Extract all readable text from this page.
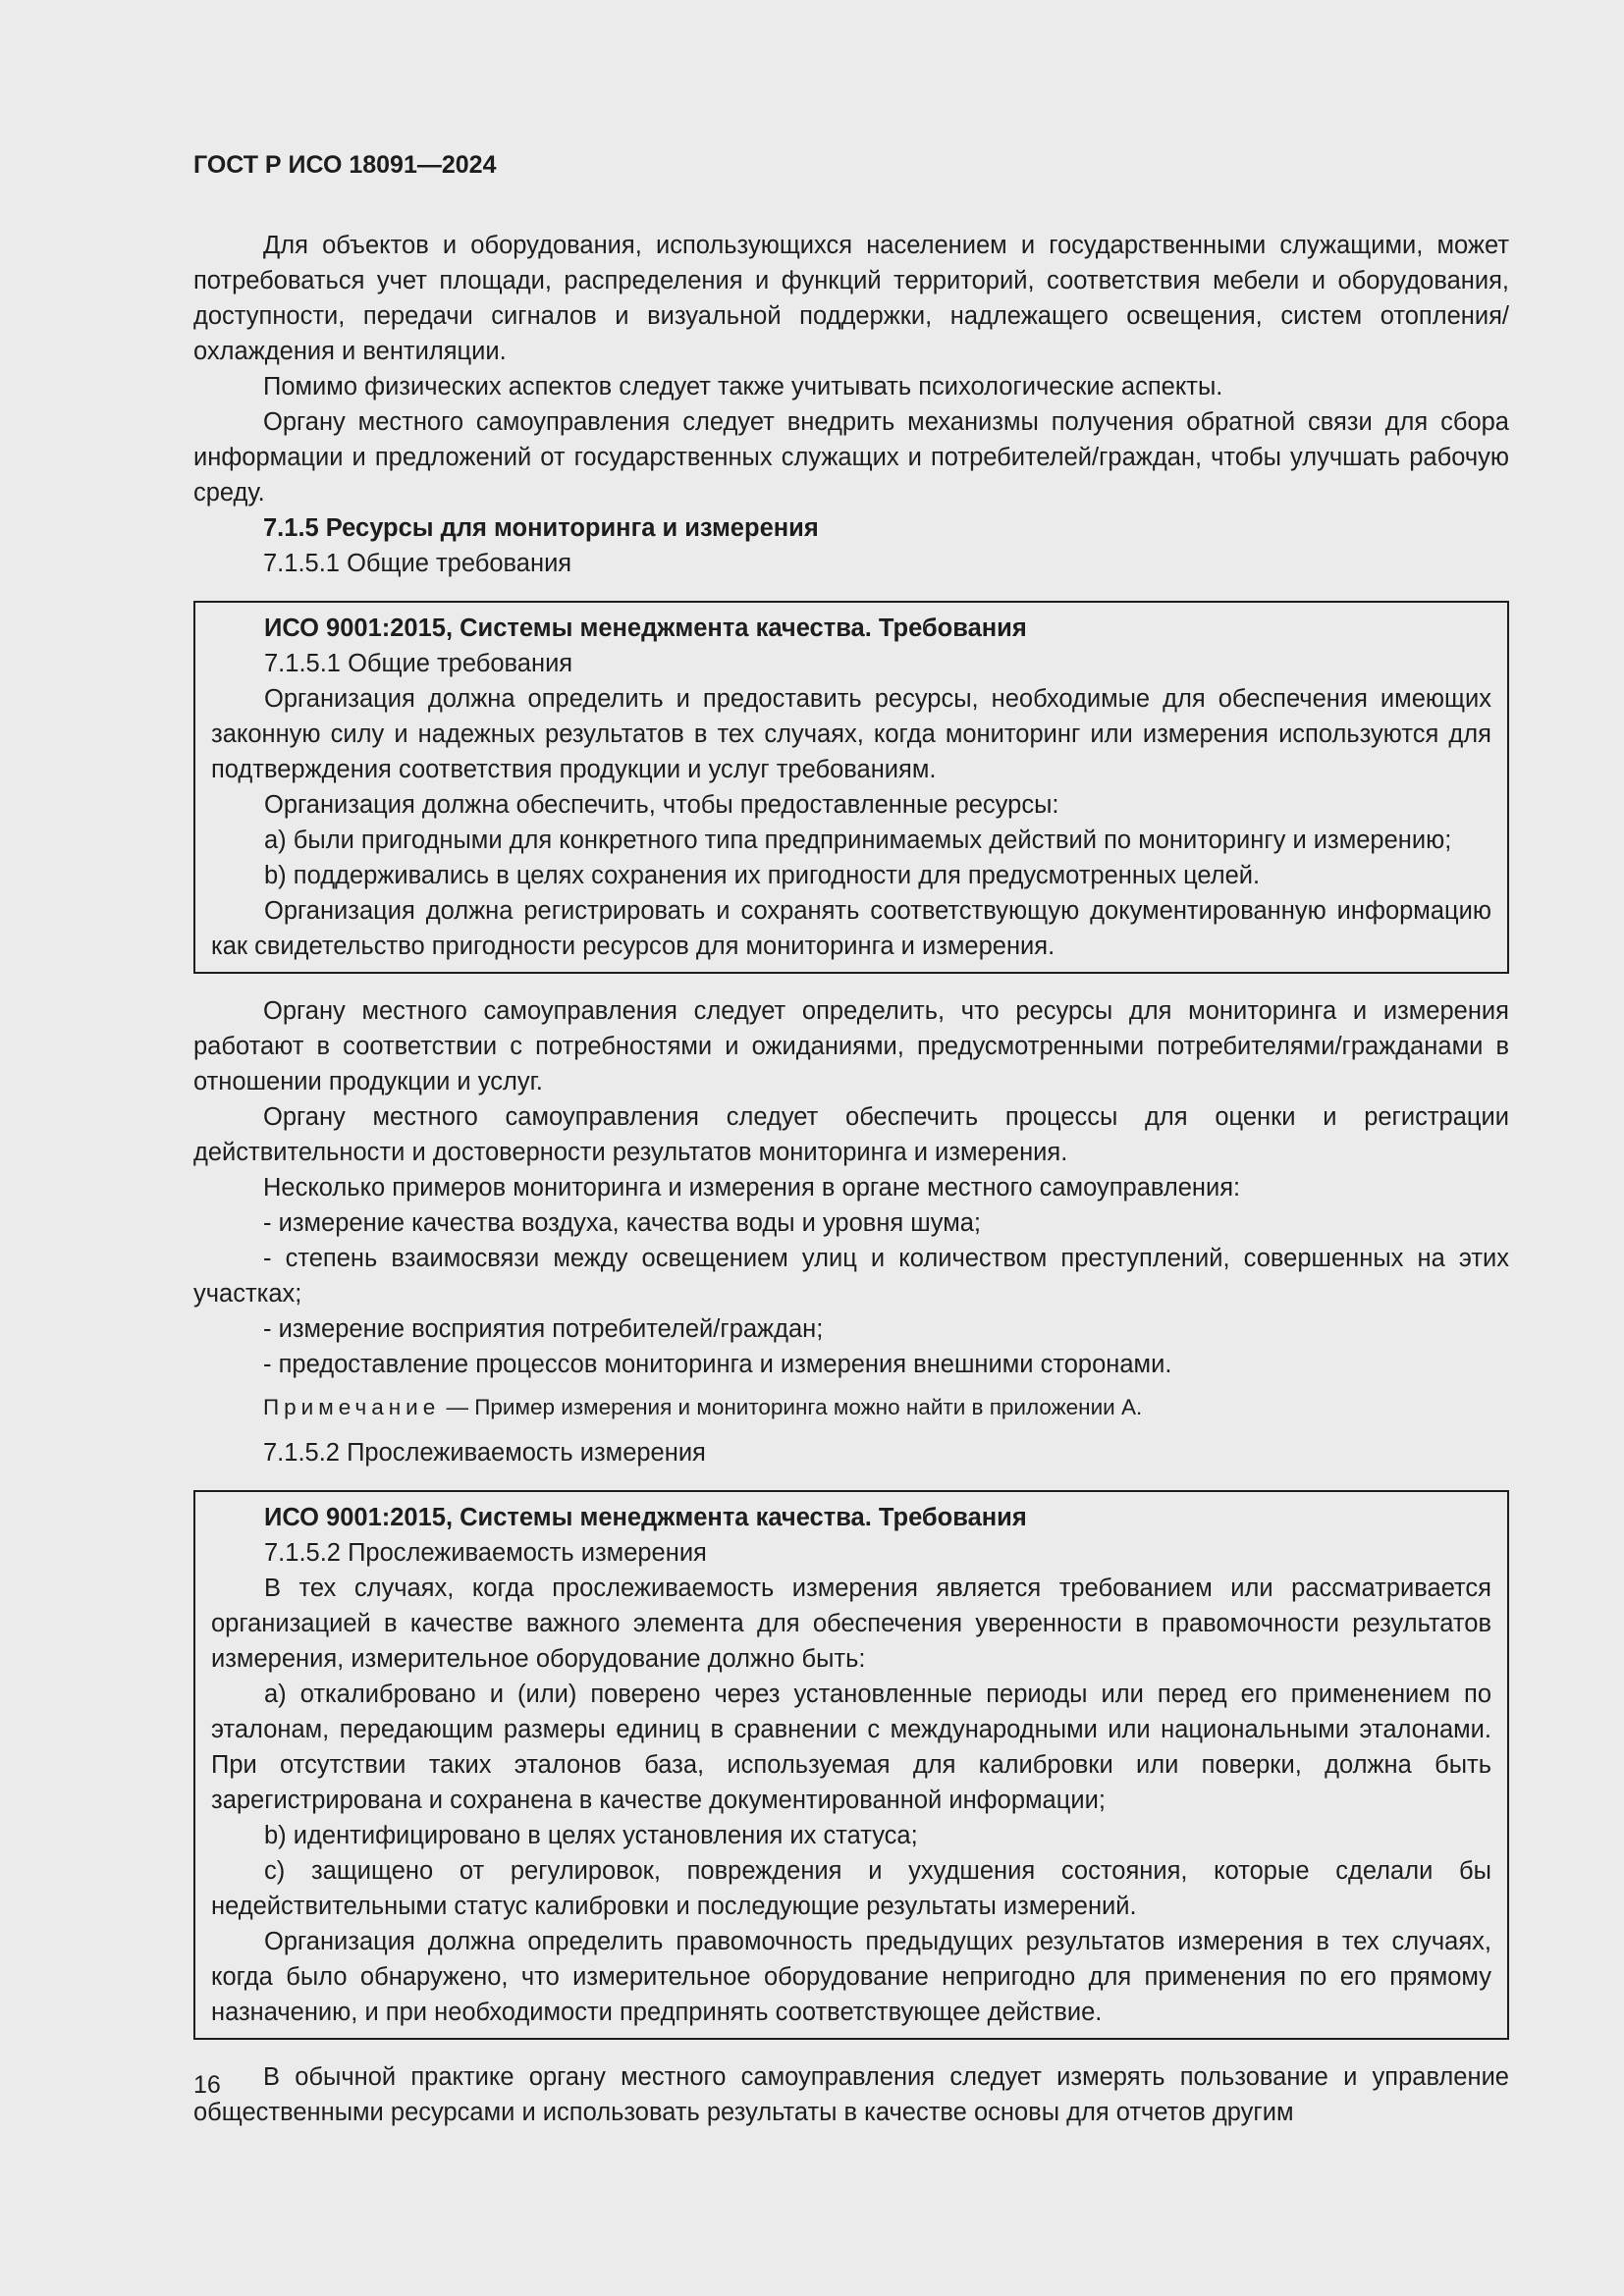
ГОСТ Р ИСО 18091—2024

Для объектов и оборудования, использующихся населением и государственными служащими, может потребоваться учет площади, распределения и функций территорий, соответствия мебели и оборудования, доступности, передачи сигналов и визуальной поддержки, надлежащего освещения, систем отопления/охлаждения и вентиляции.

Помимо физических аспектов следует также учитывать психологические аспекты.

Органу местного самоуправления следует внедрить механизмы получения обратной связи для сбора информации и предложений от государственных служащих и потребителей/граждан, чтобы улучшать рабочую среду.

7.1.5 Ресурсы для мониторинга и измерения

7.1.5.1 Общие требования

ИСО 9001:2015, Системы менеджмента качества. Требования

7.1.5.1 Общие требования

Организация должна определить и предоставить ресурсы, необходимые для обеспечения имеющих законную силу и надежных результатов в тех случаях, когда мониторинг или измерения используются для подтверждения соответствия продукции и услуг требованиям.

Организация должна обеспечить, чтобы предоставленные ресурсы:

a) были пригодными для конкретного типа предпринимаемых действий по мониторингу и измерению;

b) поддерживались в целях сохранения их пригодности для предусмотренных целей.

Организация должна регистрировать и сохранять соответствующую документированную информацию как свидетельство пригодности ресурсов для мониторинга и измерения.

Органу местного самоуправления следует определить, что ресурсы для мониторинга и измерения работают в соответствии с потребностями и ожиданиями, предусмотренными потребителями/гражданами в отношении продукции и услуг.

Органу местного самоуправления следует обеспечить процессы для оценки и регистрации действительности и достоверности результатов мониторинга и измерения.

Несколько примеров мониторинга и измерения в органе местного самоуправления:

- измерение качества воздуха, качества воды и уровня шума;

- степень взаимосвязи между освещением улиц и количеством преступлений, совершенных на этих участках;

- измерение восприятия потребителей/граждан;

- предоставление процессов мониторинга и измерения внешними сторонами.

Примечание — Пример измерения и мониторинга можно найти в приложении А.

7.1.5.2 Прослеживаемость измерения

ИСО 9001:2015, Системы менеджмента качества. Требования

7.1.5.2 Прослеживаемость измерения

В тех случаях, когда прослеживаемость измерения является требованием или рассматривается организацией в качестве важного элемента для обеспечения уверенности в правомочности результатов измерения, измерительное оборудование должно быть:

a) откалибровано и (или) поверено через установленные периоды или перед его применением по эталонам, передающим размеры единиц в сравнении с международными или национальными эталонами. При отсутствии таких эталонов база, используемая для калибровки или поверки, должна быть зарегистрирована и сохранена в качестве документированной информации;

b) идентифицировано в целях установления их статуса;

c) защищено от регулировок, повреждения и ухудшения состояния, которые сделали бы недействительными статус калибровки и последующие результаты измерений.

Организация должна определить правомочность предыдущих результатов измерения в тех случаях, когда было обнаружено, что измерительное оборудование непригодно для применения по его прямому назначению, и при необходимости предпринять соответствующее действие.

В обычной практике органу местного самоуправления следует измерять пользование и управление общественными ресурсами и использовать результаты в качестве основы для отчетов другим

16
